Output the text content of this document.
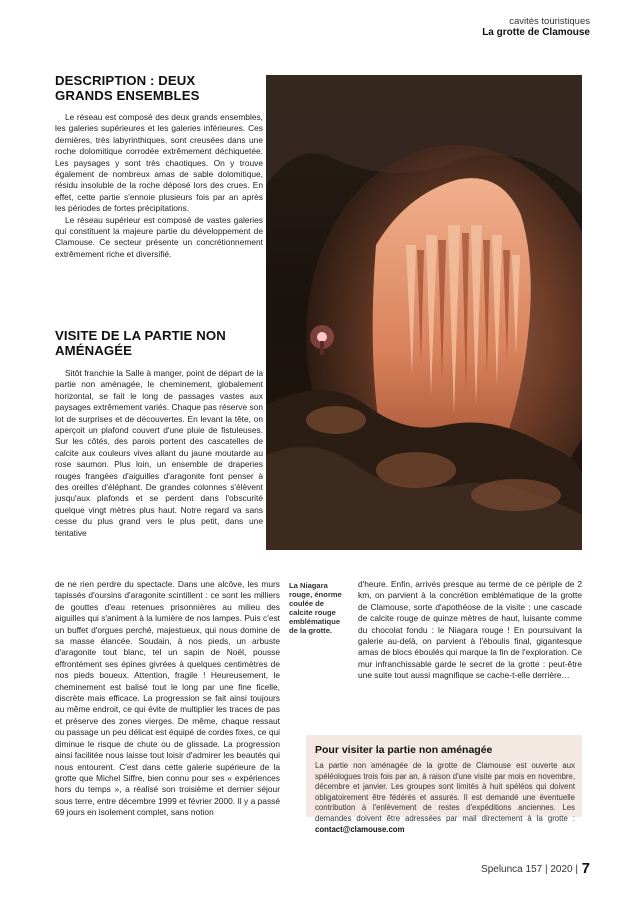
cavités touristiques
La grotte de Clamouse
DESCRIPTION : DEUX GRANDS ENSEMBLES

Le réseau est composé des deux grands ensembles, les galeries supérieures et les galeries inférieures. Ces dernières, très labyrinthiques, sont creusées dans une roche dolomitique corrodée extrêmement déchiquetée. Les paysages y sont très chaotiques. On y trouve également de nombreux amas de sable dolomitique, résidu insoluble de la roche déposé lors des crues. En effet, cette partie s'ennoie plusieurs fois par an après les périodes de fortes précipitations.

Le réseau supérieur est composé de vastes galeries qui constituent la majeure partie du développement de Clamouse. Ce secteur présente un concrétionnement extrêmement riche et diversifié.

VISITE DE LA PARTIE NON AMÉNAGÉE

Sitôt franchie la Salle à manger, point de départ de la partie non aménagée, le cheminement, globalement horizontal, se fait le long de passages vastes aux paysages extrêmement variés. Chaque pas réserve son lot de surprises et de découvertes. En levant la tête, on aperçoit un plafond couvert d'une pluie de fistuleuses. Sur les côtés, des parois portent des cascatelles de calcite aux couleurs vives allant du jaune moutarde au rose saumon. Plus loin, un ensemble de draperies rouges frangées d'aiguilles d'aragonite font penser à des oreilles d'éléphant. De grandes colonnes s'élèvent jusqu'aux plafonds et se perdent dans l'obscurité quelque vingt mètres plus haut. Notre regard va sans cesse du plus grand vers le plus petit, dans une tentative

de ne rien perdre du spectacle. Dans une alcôve, les murs tapissés d'oursins d'aragonite scintillent : ce sont les milliers de gouttes d'eau retenues prisonnières au milieu des aiguilles qui s'animent à la lumière de nos lampes. Puis c'est un buffet d'orgues perché, majestueux, qui nous domine de sa masse élancée. Soudain, à nos pieds, un arbuste d'aragonite tout blanc, tel un sapin de Noël, pousse effrontément ses épines givrées à quelques centimètres de nos pieds boueux. Attention, fragile ! Heureusement, le cheminement est balisé tout le long par une fine ficelle, discrète mais efficace. La progression se fait ainsi toujours au même endroit, ce qui évite de multiplier les traces de pas et préserve des zones vierges. De même, chaque ressaut ou passage un peu délicat est équipé de cordes fixes, ce qui diminue le risque de chute ou de glissade. La progression ainsi facilitée nous laisse tout loisir d'admirer les beautés qui nous entourent. C'est dans cette galerie supérieure de la grotte que Michel Siffre, bien connu pour ses « expériences hors du temps », a réalisé son troisième et dernier séjour sous terre, entre décembre 1999 et février 2000. Il y a passé 69 jours en isolement complet, sans notion

La Niagara rouge, énorme coulée de calcite rouge emblématique de la grotte.

d'heure. Enfin, arrivés presque au terme de ce périple de 2 km, on parvient à la concrétion emblématique de la grotte de Clamouse, sorte d'apothéose de la visite : une cascade de calcite rouge de quinze mètres de haut, luisante comme du chocolat fondu : le Niagara rouge ! En poursuivant la galerie au-delà, on parvient à l'éboulis final, gigantesque amas de blocs éboulés qui marque la fin de l'exploration. Ce mur infranchissable garde le secret de la grotte : peut-être une suite tout aussi magnifique se cache-t-elle derrière…

Pour visiter la partie non aménagée
La partie non aménagée de la grotte de Clamouse est ouverte aux spéléologues trois fois par an, à raison d'une visite par mois en novembre, décembre et janvier. Les groupes sont limités à huit spéléos qui doivent obligatoirement être fédérés et assurés. Il est demandé une éventuelle contribution à l'enlèvement de restes d'expéditions anciennes. Les demandes doivent être adressées par mail directement à la grotte : contact@clamouse.com
Spelunca 157 | 2020 | 7
